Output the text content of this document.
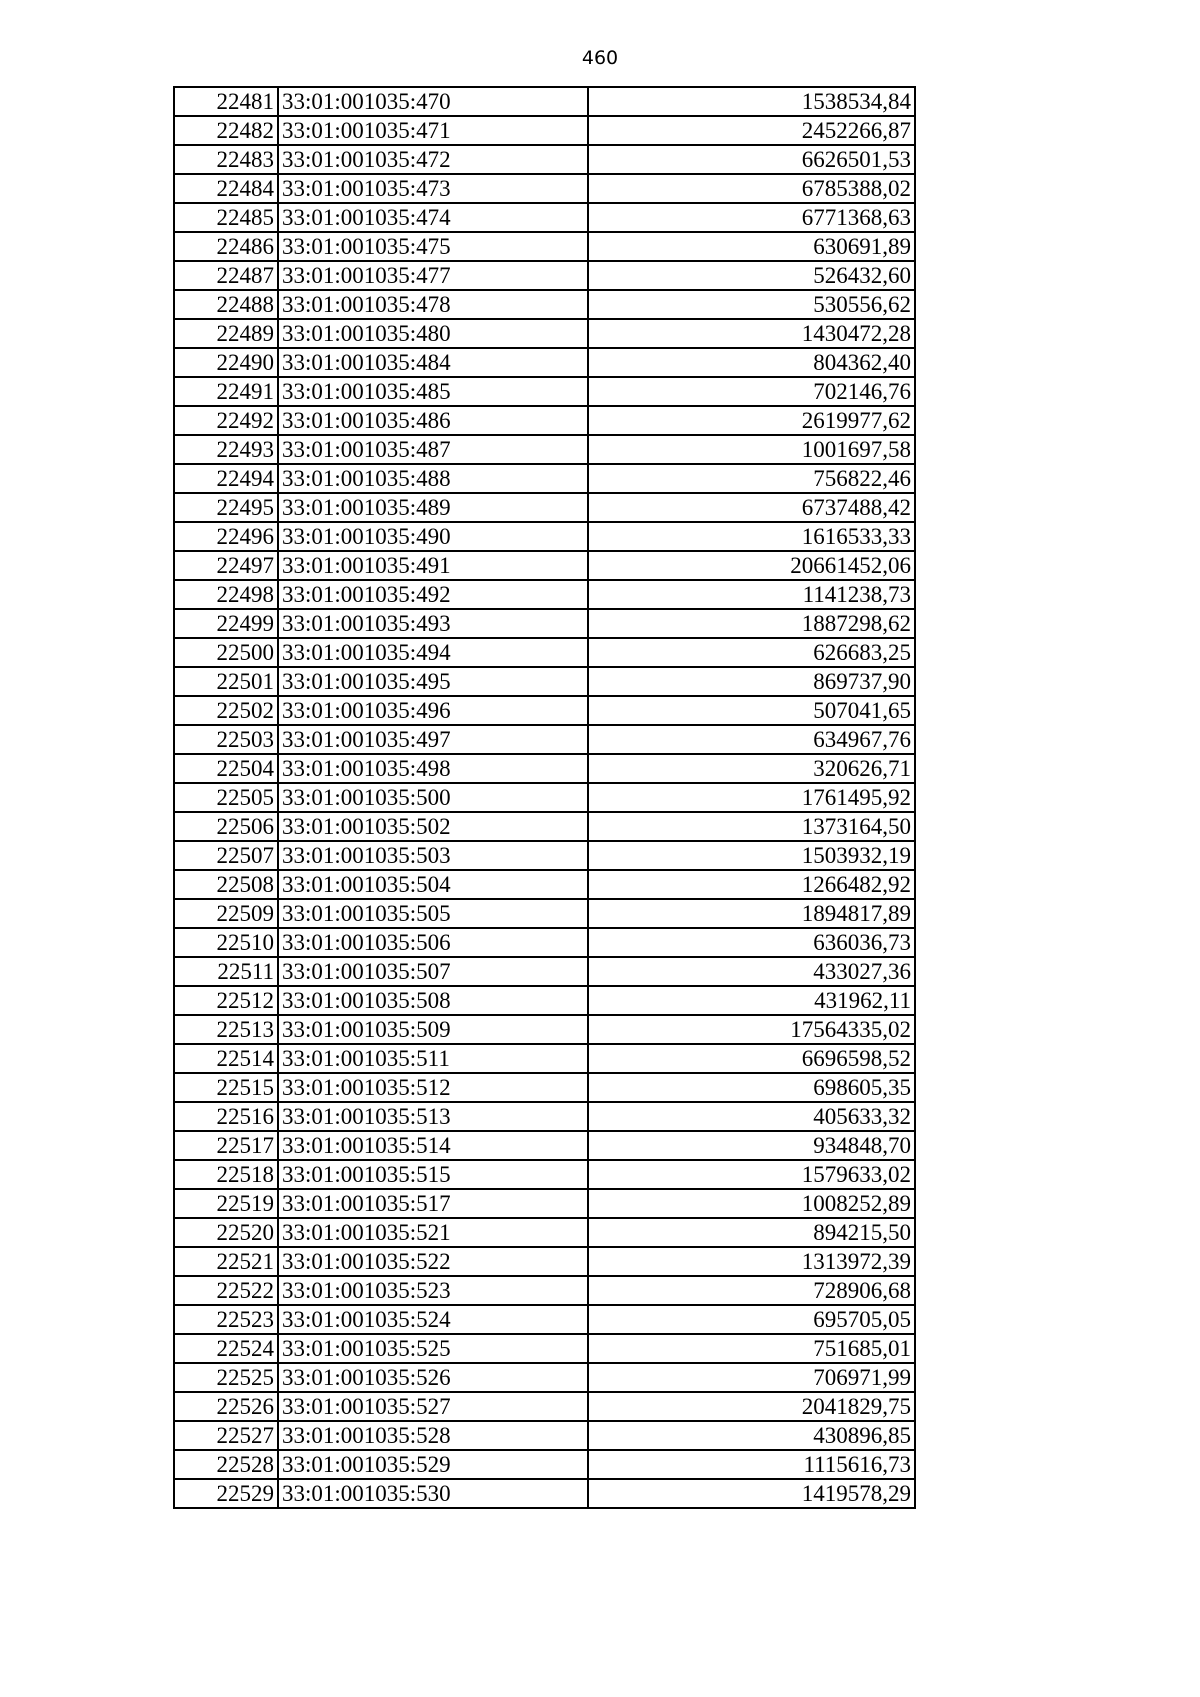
460
22481	33:01:001035:470	1538534,84
22482	33:01:001035:471	2452266,87
22483	33:01:001035:472	6626501,53
22484	33:01:001035:473	6785388,02
22485	33:01:001035:474	6771368,63
22486	33:01:001035:475	630691,89
22487	33:01:001035:477	526432,60
22488	33:01:001035:478	530556,62
22489	33:01:001035:480	1430472,28
22490	33:01:001035:484	804362,40
22491	33:01:001035:485	702146,76
22492	33:01:001035:486	2619977,62
22493	33:01:001035:487	1001697,58
22494	33:01:001035:488	756822,46
22495	33:01:001035:489	6737488,42
22496	33:01:001035:490	1616533,33
22497	33:01:001035:491	20661452,06
22498	33:01:001035:492	1141238,73
22499	33:01:001035:493	1887298,62
22500	33:01:001035:494	626683,25
22501	33:01:001035:495	869737,90
22502	33:01:001035:496	507041,65
22503	33:01:001035:497	634967,76
22504	33:01:001035:498	320626,71
22505	33:01:001035:500	1761495,92
22506	33:01:001035:502	1373164,50
22507	33:01:001035:503	1503932,19
22508	33:01:001035:504	1266482,92
22509	33:01:001035:505	1894817,89
22510	33:01:001035:506	636036,73
22511	33:01:001035:507	433027,36
22512	33:01:001035:508	431962,11
22513	33:01:001035:509	17564335,02
22514	33:01:001035:511	6696598,52
22515	33:01:001035:512	698605,35
22516	33:01:001035:513	405633,32
22517	33:01:001035:514	934848,70
22518	33:01:001035:515	1579633,02
22519	33:01:001035:517	1008252,89
22520	33:01:001035:521	894215,50
22521	33:01:001035:522	1313972,39
22522	33:01:001035:523	728906,68
22523	33:01:001035:524	695705,05
22524	33:01:001035:525	751685,01
22525	33:01:001035:526	706971,99
22526	33:01:001035:527	2041829,75
22527	33:01:001035:528	430896,85
22528	33:01:001035:529	1115616,73
22529	33:01:001035:530	1419578,29
